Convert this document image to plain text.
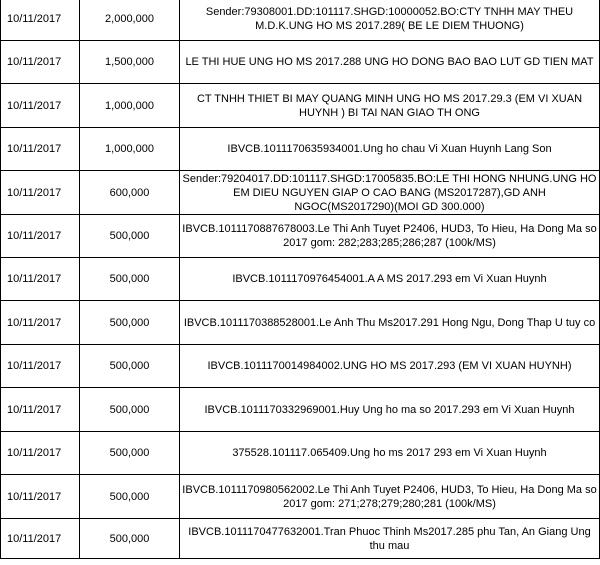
10/11/2017	2,000,000	Sender:79308001.DD:101117.SHGD:10000052.BO:CTY TNHH MAY THEU M.D.K.UNG HO MS 2017.289( BE LE DIEM THUONG)

10/11/2017	1,500,000	LE THI HUE UNG HO MS 2017.288 UNG HO DONG BAO BAO LUT GD TIEN MAT

10/11/2017	1,000,000	CT TNHH THIET BI MAY QUANG MINH UNG HO MS 2017.29.3 (EM VI XUAN HUYNH ) BI TAI NAN GIAO TH ONG

10/11/2017	1,000,000	IBVCB.1011170635934001.Ung ho chau Vi Xuan Huynh Lang Son

10/11/2017	600,000	Sender:79204017.DD:101117.SHGD:17005835.BO:LE THI HONG NHUNG.UNG HO EM DIEU NGUYEN GIAP O CAO BANG (MS2017287),GD ANH NGOC(MS2017290)(MOI GD 300.000)

10/11/2017	500,000	IBVCB.1011170887678003.Le Thi Anh Tuyet P2406, HUD3, To Hieu, Ha Dong Ma so 2017 gom: 282;283;285;286;287 (100k/MS)

10/11/2017	500,000	IBVCB.1011170976454001.A A MS 2017.293 em Vi Xuan Huynh

10/11/2017	500,000	IBVCB.1011170388528001.Le Anh Thu Ms2017.291 Hong Ngu, Dong Thap U tuy co

10/11/2017	500,000	IBVCB.1011170014984002.UNG HO MS 2017.293 (EM VI XUAN HUYNH)

10/11/2017	500,000	IBVCB.1011170332969001.Huy Ung ho ma so 2017.293 em Vi Xuan Huynh

10/11/2017	500,000	375528.101117.065409.Ung ho ms 2017 293 em Vi Xuan Huynh

10/11/2017	500,000	IBVCB.1011170980562002.Le Thi Anh Tuyet P2406, HUD3, To Hieu, Ha Dong Ma so 2017 gom: 271;278;279;280;281 (100k/MS)

10/11/2017	500,000	IBVCB.1011170477632001.Tran Phuoc Thinh Ms2017.285 phu Tan, An Giang Ung thu mau
